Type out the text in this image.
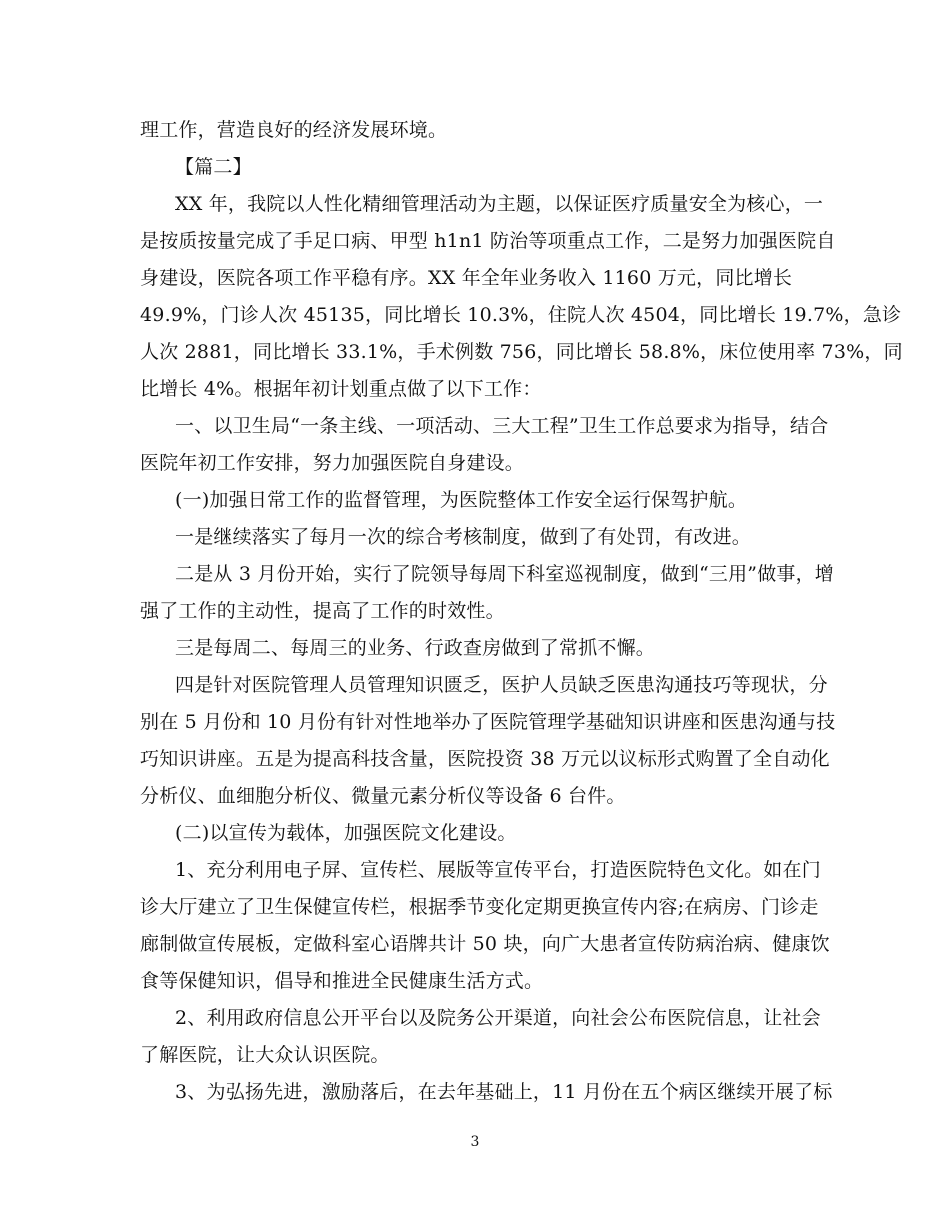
理工作，营造良好的经济发展环境。
【篇二】
XX 年，我院以人性化精细管理活动为主题，以保证医疗质量安全为核心，一
是按质按量完成了手足口病、甲型 h1n1 防治等项重点工作，二是努力加强医院自
身建设，医院各项工作平稳有序。XX 年全年业务收入 1160 万元，同比增长
49.9%，门诊人次 45135，同比增长 10.3%，住院人次 4504，同比增长 19.7%，急诊
人次 2881，同比增长 33.1%，手术例数 756，同比增长 58.8%，床位使用率 73%，同
比增长 4%。根据年初计划重点做了以下工作：
一、以卫生局“一条主线、一项活动、三大工程”卫生工作总要求为指导，结合
医院年初工作安排，努力加强医院自身建设。
(一)加强日常工作的监督管理，为医院整体工作安全运行保驾护航。
一是继续落实了每月一次的综合考核制度，做到了有处罚，有改进。
二是从 3 月份开始，实行了院领导每周下科室巡视制度，做到“三用”做事，增
强了工作的主动性，提高了工作的时效性。
三是每周二、每周三的业务、行政查房做到了常抓不懈。
四是针对医院管理人员管理知识匮乏，医护人员缺乏医患沟通技巧等现状，分
别在 5 月份和 10 月份有针对性地举办了医院管理学基础知识讲座和医患沟通与技
巧知识讲座。五是为提高科技含量，医院投资 38 万元以议标形式购置了全自动化
分析仪、血细胞分析仪、微量元素分析仪等设备 6 台件。
(二)以宣传为载体，加强医院文化建设。
1、充分利用电子屏、宣传栏、展版等宣传平台，打造医院特色文化。如在门
诊大厅建立了卫生保健宣传栏，根据季节变化定期更换宣传内容;在病房、门诊走
廊制做宣传展板，定做科室心语牌共计 50 块，向广大患者宣传防病治病、健康饮
食等保健知识，倡导和推进全民健康生活方式。
2、利用政府信息公开平台以及院务公开渠道，向社会公布医院信息，让社会
了解医院，让大众认识医院。
3、为弘扬先进，激励落后，在去年基础上，11 月份在五个病区继续开展了标
3
